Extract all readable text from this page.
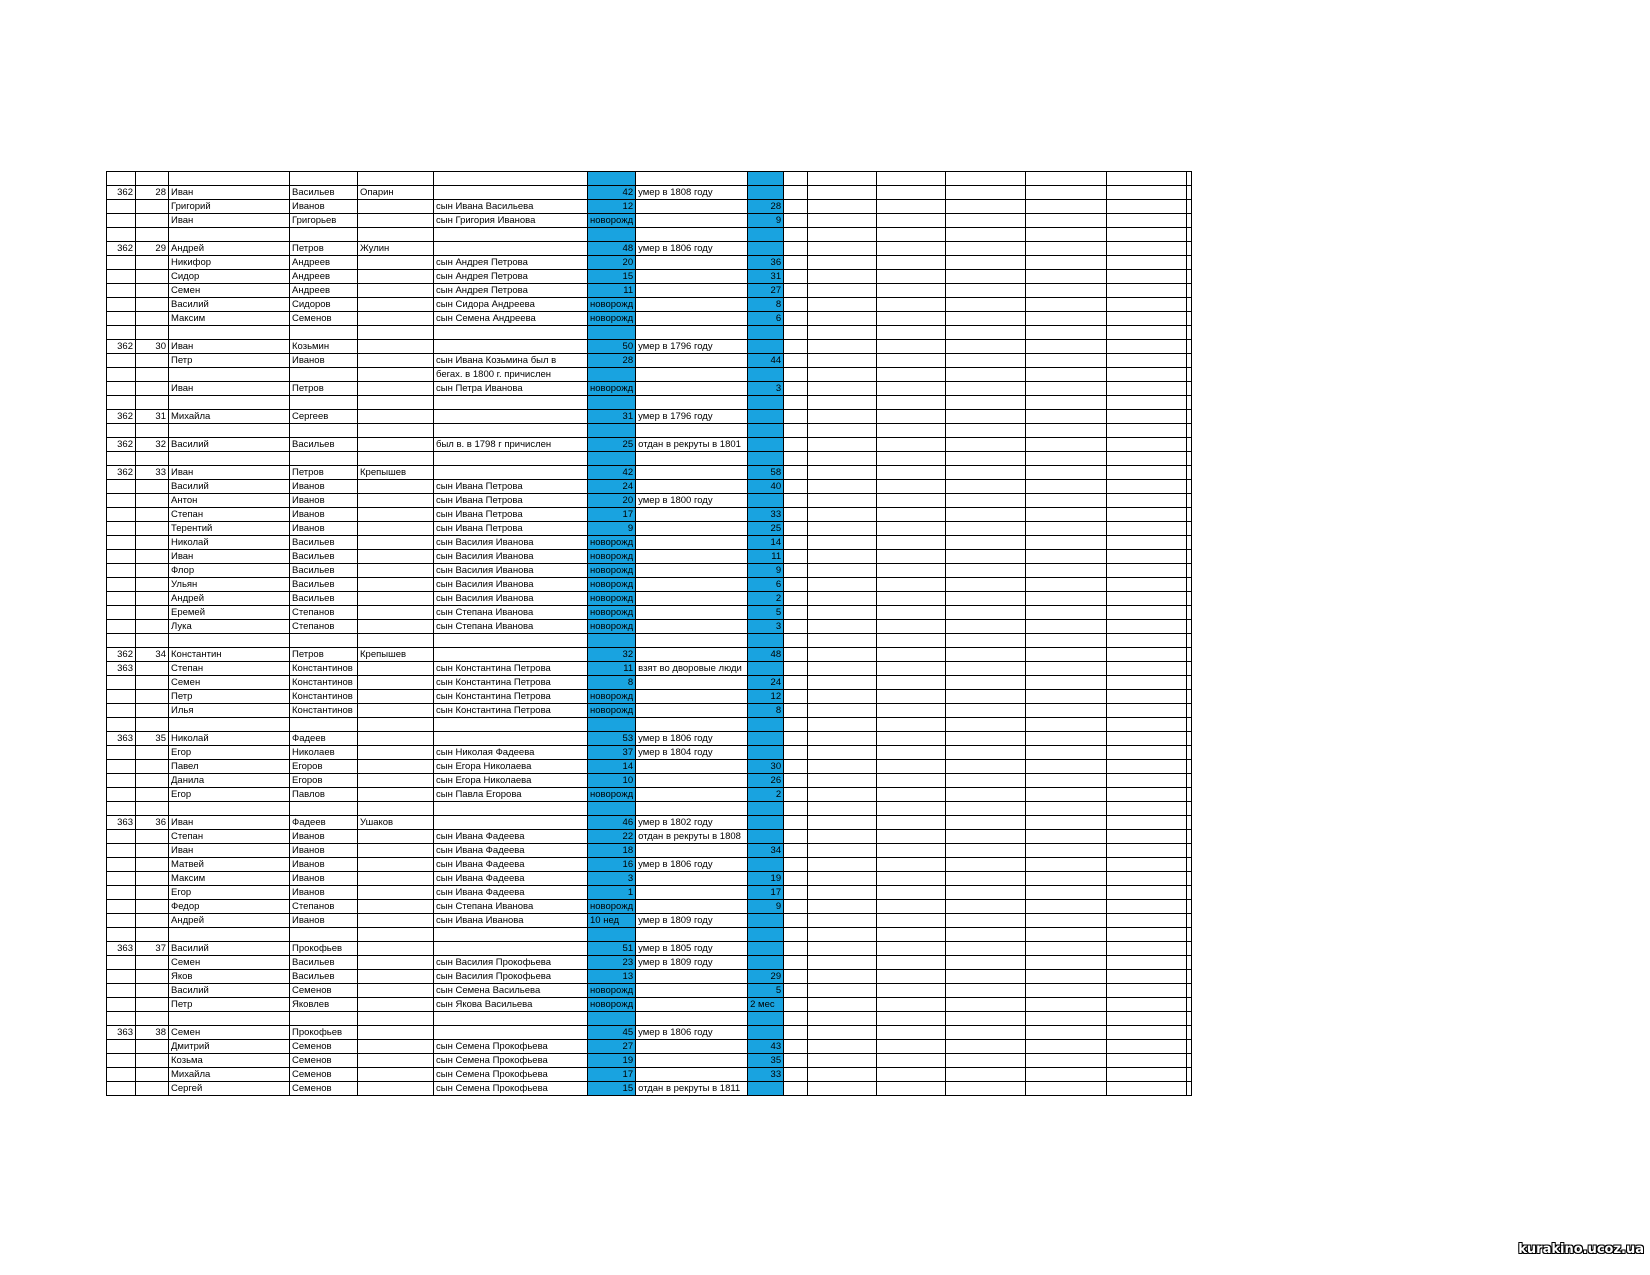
362	28	Иван	Васильев	Опарин		42	умер в 1808 году								
		Григорий	Иванов		сын Ивана Васильева	12		28							
		Иван	Григорьев		сын Григория Иванова	новорожд		9							

362	29	Андрей	Петров	Жулин		48	умер в 1806 году								
		Никифор	Андреев		сын Андрея Петрова	20		36							
		Сидор	Андреев		сын Андрея Петрова	15		31							
		Семен	Андреев		сын Андрея Петрова	11		27							
		Василий	Сидоров		сын Сидора Андреева	новорожд		8							
		Максим	Семенов		сын Семена Андреева	новорожд		6							

362	30	Иван	Козьмин			50	умер в 1796 году								
		Петр	Иванов		сын Ивана Козьмина был в	28		44							
					бегах. в 1800 г. причислен										
		Иван	Петров		сын Петра Иванова	новорожд		3							

362	31	Михайла	Сергеев			31	умер в 1796 году								

362	32	Василий	Васильев		был в. в 1798 г причислен	25	отдан в рекруты в 1801								

362	33	Иван	Петров	Крепышев		42		58							
		Василий	Иванов		сын Ивана Петрова	24		40							
		Антон	Иванов		сын Ивана Петрова	20	умер в 1800 году								
		Степан	Иванов		сын Ивана Петрова	17		33							
		Терентий	Иванов		сын Ивана Петрова	9		25							
		Николай	Васильев		сын Василия Иванова	новорожд		14							
		Иван	Васильев		сын Василия Иванова	новорожд		11							
		Флор	Васильев		сын Василия Иванова	новорожд		9							
		Ульян	Васильев		сын Василия Иванова	новорожд		6							
		Андрей	Васильев		сын Василия Иванова	новорожд		2							
		Еремей	Степанов		сын Степана Иванова	новорожд		5							
		Лука	Степанов		сын Степана Иванова	новорожд		3							

362	34	Константин	Петров	Крепышев		32		48							
363		Степан	Константинов		сын Константина Петрова	11	взят во дворовые люди								
		Семен	Константинов		сын Константина Петрова	8		24							
		Петр	Константинов		сын Константина Петрова	новорожд		12							
		Илья	Константинов		сын Константина Петрова	новорожд		8							

363	35	Николай	Фадеев			53	умер в 1806 году								
		Егор	Николаев		сын Николая Фадеева	37	умер в 1804 году								
		Павел	Егоров		сын Егора Николаева	14		30							
		Данила	Егоров		сын Егора Николаева	10		26							
		Егор	Павлов		сын Павла Егорова	новорожд		2							

363	36	Иван	Фадеев	Ушаков		46	умер в 1802 году								
		Степан	Иванов		сын Ивана Фадеева	22	отдан в рекруты в 1808								
		Иван	Иванов		сын Ивана Фадеева	18		34							
		Матвей	Иванов		сын Ивана Фадеева	16	умер в 1806 году								
		Максим	Иванов		сын Ивана Фадеева	3		19							
		Егор	Иванов		сын Ивана Фадеева	1		17							
		Федор	Степанов		сын Степана Иванова	новорожд		9							
		Андрей	Иванов		сын Ивана Иванова	10 нед	умер в 1809 году								

363	37	Василий	Прокофьев			51	умер в 1805 году								
		Семен	Васильев		сын Василия Прокофьева	23	умер в 1809 году								
		Яков	Васильев		сын Василия Прокофьева	13		29							
		Василий	Семенов		сын Семена Васильева	новорожд		5							
		Петр	Яковлев		сын Якова Васильева	новорожд		2 мес							

363	38	Семен	Прокофьев			45	умер в 1806 году								
		Дмитрий	Семенов		сын Семена Прокофьева	27		43							
		Козьма	Семенов		сын Семена Прокофьева	19		35							
		Михайла	Семенов		сын Семена Прокофьева	17		33							
		Сергей	Семенов		сын Семена Прокофьева	15	отдан в рекруты в 1811								
kurakino.ucoz.ua
